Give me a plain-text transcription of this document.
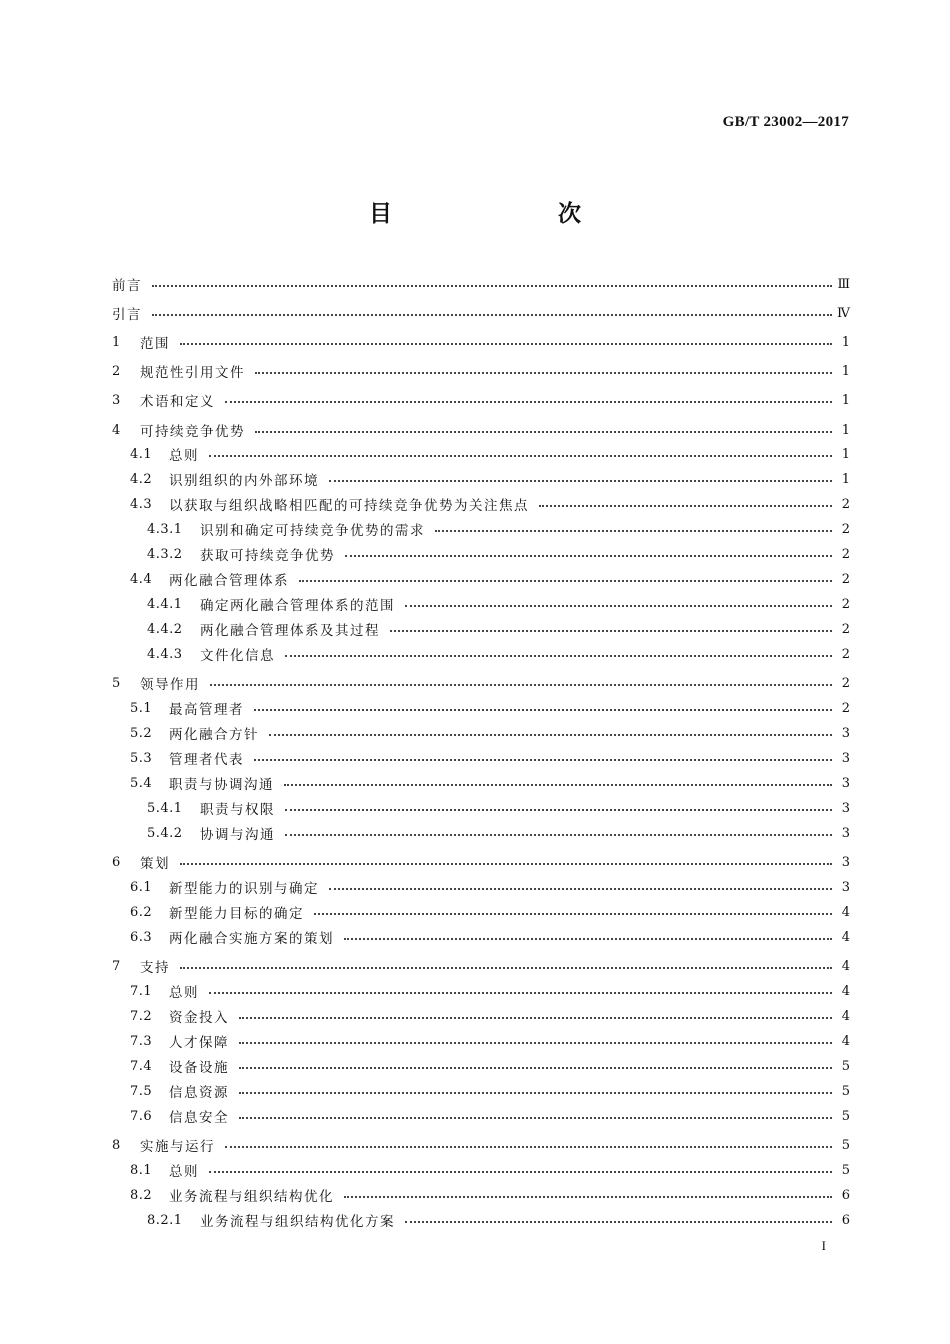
GB/T 23002—2017
目　　次
前言	Ⅲ
引言	Ⅳ
1	范围	1
2	规范性引用文件	1
3	术语和定义	1
4	可持续竞争优势	1
4.1	总则	1
4.2	识别组织的内外部环境	1
4.3	以获取与组织战略相匹配的可持续竞争优势为关注焦点	2
4.3.1	识别和确定可持续竞争优势的需求	2
4.3.2	获取可持续竞争优势	2
4.4	两化融合管理体系	2
4.4.1	确定两化融合管理体系的范围	2
4.4.2	两化融合管理体系及其过程	2
4.4.3	文件化信息	2
5	领导作用	2
5.1	最高管理者	2
5.2	两化融合方针	3
5.3	管理者代表	3
5.4	职责与协调沟通	3
5.4.1	职责与权限	3
5.4.2	协调与沟通	3
6	策划	3
6.1	新型能力的识别与确定	3
6.2	新型能力目标的确定	4
6.3	两化融合实施方案的策划	4
7	支持	4
7.1	总则	4
7.2	资金投入	4
7.3	人才保障	4
7.4	设备设施	5
7.5	信息资源	5
7.6	信息安全	5
8	实施与运行	5
8.1	总则	5
8.2	业务流程与组织结构优化	6
8.2.1	业务流程与组织结构优化方案	6
I
